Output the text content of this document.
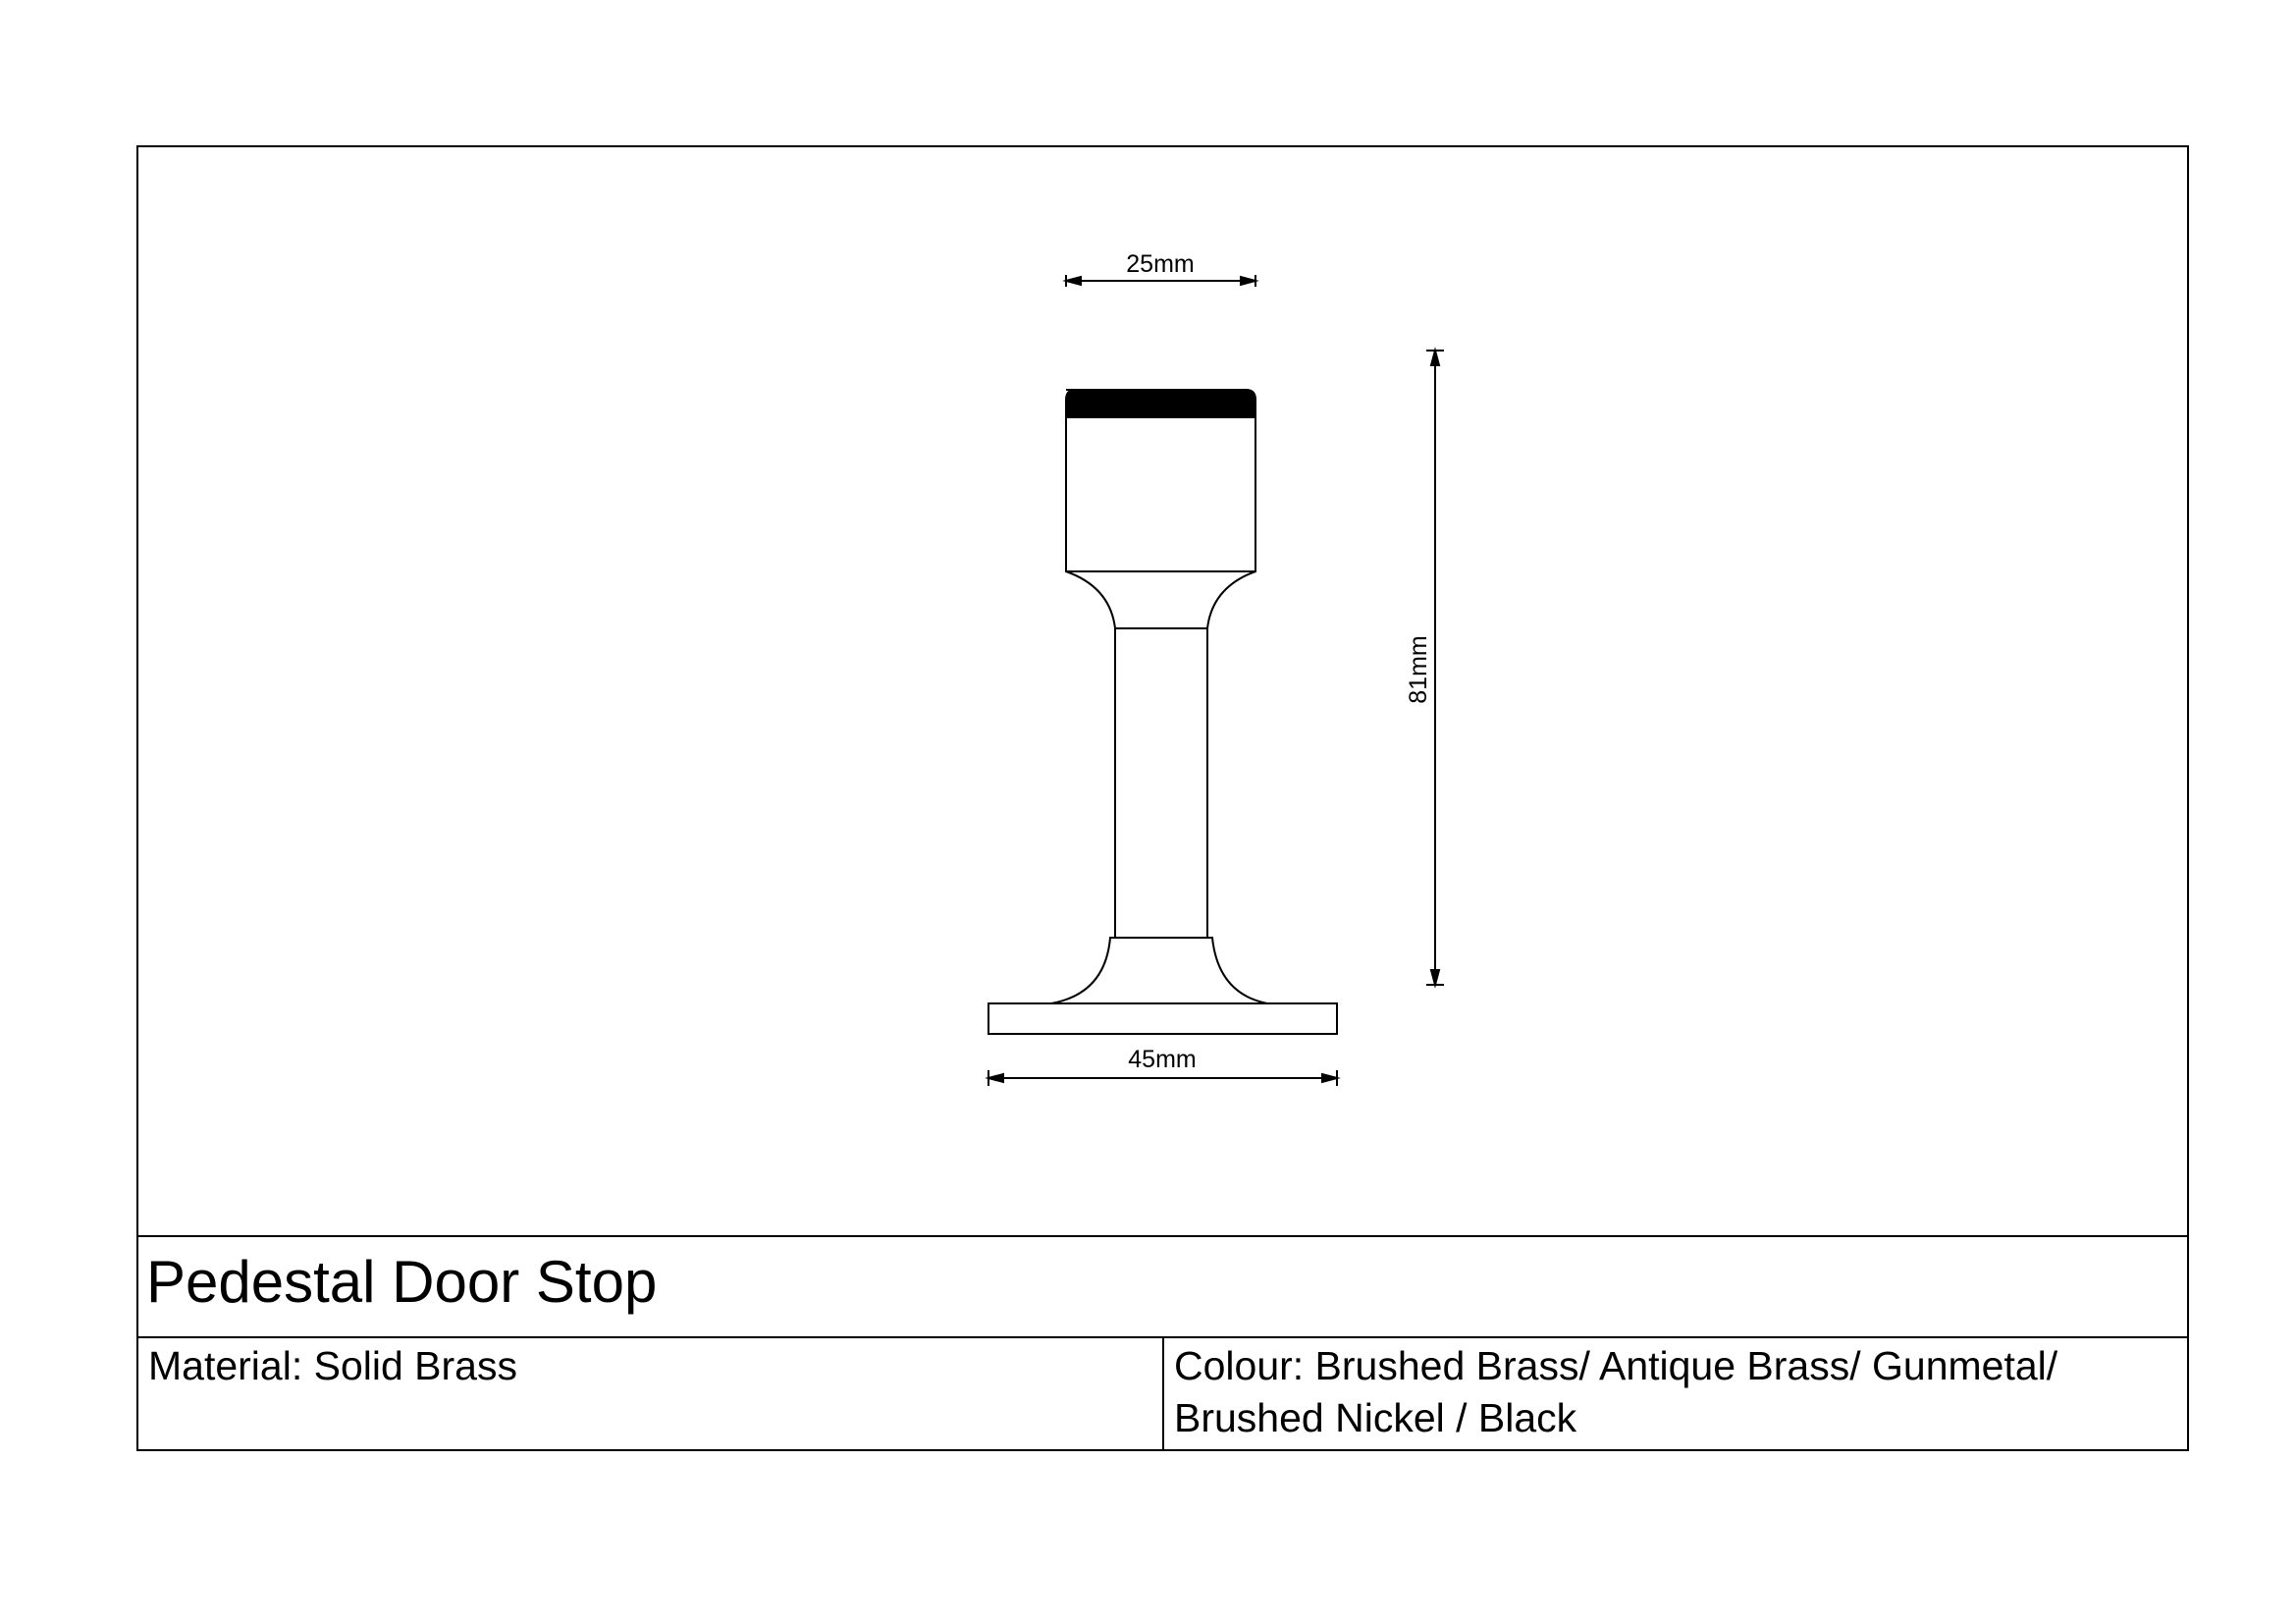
25mm
45mm
81mm
Pedestal Door Stop
Material: Solid Brass	Colour: Brushed Brass/ Antique Brass/ Gunmetal/
Brushed Nickel / Black
